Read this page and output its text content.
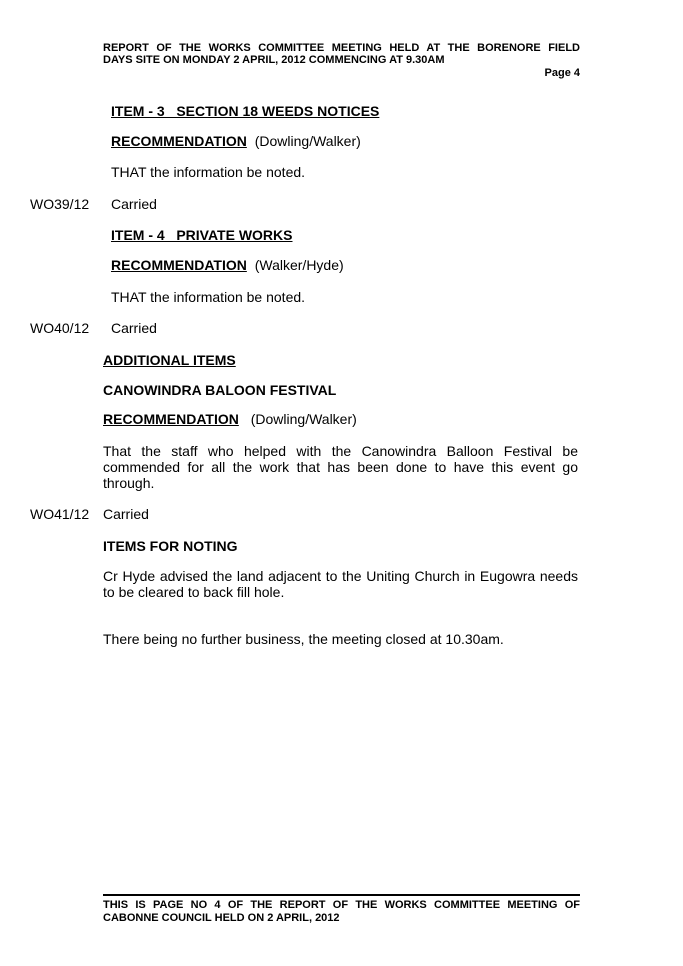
REPORT OF THE WORKS COMMITTEE MEETING HELD AT THE BORENORE FIELD
DAYS SITE ON MONDAY 2 APRIL, 2012 COMMENCING AT 9.30AM
Page 4
ITEM - 3   SECTION 18 WEEDS NOTICES
RECOMMENDATION (Dowling/Walker)
THAT the information be noted.
WO39/12 Carried
ITEM - 4   PRIVATE WORKS
RECOMMENDATION (Walker/Hyde)
THAT the information be noted.
WO40/12 Carried
ADDITIONAL ITEMS
CANOWINDRA BALOON FESTIVAL
RECOMMENDATION (Dowling/Walker)
That the staff who helped with the Canowindra Balloon Festival be commended for all the work that has been done to have this event go through.
WO41/12 Carried
ITEMS FOR NOTING
Cr Hyde advised the land adjacent to the Uniting Church in Eugowra needs to be cleared to back fill hole.
There being no further business, the meeting closed at 10.30am.
THIS IS PAGE NO 4 OF THE REPORT OF THE WORKS COMMITTEE MEETING OF
CABONNE COUNCIL HELD ON 2 APRIL, 2012
